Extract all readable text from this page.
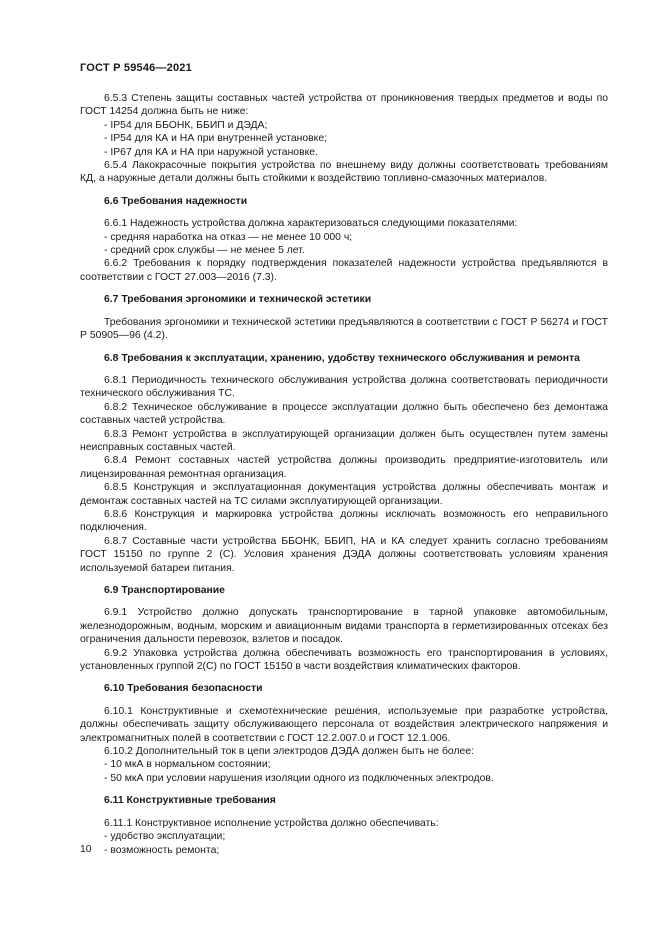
ГОСТ Р 59546—2021

6.5.3 Степень защиты составных частей устройства от проникновения твердых предметов и воды по ГОСТ 14254 должна быть не ниже:

- IP54 для ББОНК, ББИП и ДЭДА;

- IP54 для КА и НА при внутренней установке;

- IP67 для КА и НА при наружной установке.

6.5.4 Лакокрасочные покрытия устройства по внешнему виду должны соответствовать требованиям КД, а наружные детали должны быть стойкими к воздействию топливно-смазочных материалов.

6.6 Требования надежности

6.6.1 Надежность устройства должна характеризоваться следующими показателями:

- средняя наработка на отказ — не менее 10 000 ч;

- средний срок службы — не менее 5 лет.

6.6.2 Требования к порядку подтверждения показателей надежности устройства предъявляются в соответствии с ГОСТ 27.003—2016 (7.3).

6.7 Требования эргономики и технической эстетики

Требования эргономики и технической эстетики предъявляются в соответствии с ГОСТ Р 56274 и ГОСТ Р 50905—96 (4.2).

6.8 Требования к эксплуатации, хранению, удобству технического обслуживания и ремонта

6.8.1 Периодичность технического обслуживания устройства должна соответствовать периодичности технического обслуживания ТС.

6.8.2 Техническое обслуживание в процессе эксплуатации должно быть обеспечено без демонтажа составных частей устройства.

6.8.3 Ремонт устройства в эксплуатирующей организации должен быть осуществлен путем замены неисправных составных частей.

6.8.4 Ремонт составных частей устройства должны производить предприятие-изготовитель или лицензированная ремонтная организация.

6.8.5 Конструкция и эксплуатационная документация устройства должны обеспечивать монтаж и демонтаж составных частей на ТС силами эксплуатирующей организации.

6.8.6 Конструкция и маркировка устройства должны исключать возможность его неправильного подключения.

6.8.7 Составные части устройства ББОНК, ББИП, НА и КА следует хранить согласно требованиям ГОСТ 15150 по группе 2 (С). Условия хранения ДЭДА должны соответствовать условиям хранения используемой батареи питания.

6.9 Транспортирование

6.9.1 Устройство должно допускать транспортирование в тарной упаковке автомобильным, железнодорожным, водным, морским и авиационным видами транспорта в герметизированных отсеках без ограничения дальности перевозок, взлетов и посадок.

6.9.2 Упаковка устройства должна обеспечивать возможность его транспортирования в условиях, установленных группой 2(С) по ГОСТ 15150 в части воздействия климатических факторов.

6.10 Требования безопасности

6.10.1 Конструктивные и схемотехнические решения, используемые при разработке устройства, должны обеспечивать защиту обслуживающего персонала от воздействия электрического напряжения и электромагнитных полей в соответствии с ГОСТ 12.2.007.0 и ГОСТ 12.1.006.

6.10.2 Дополнительный ток в цепи электродов ДЭДА должен быть не более:

- 10 мкА в нормальном состоянии;

- 50 мкА при условии нарушения изоляции одного из подключенных электродов.

6.11 Конструктивные требования

6.11.1 Конструктивное исполнение устройства должно обеспечивать:

- удобство эксплуатации;

- возможность ремонта;

10
